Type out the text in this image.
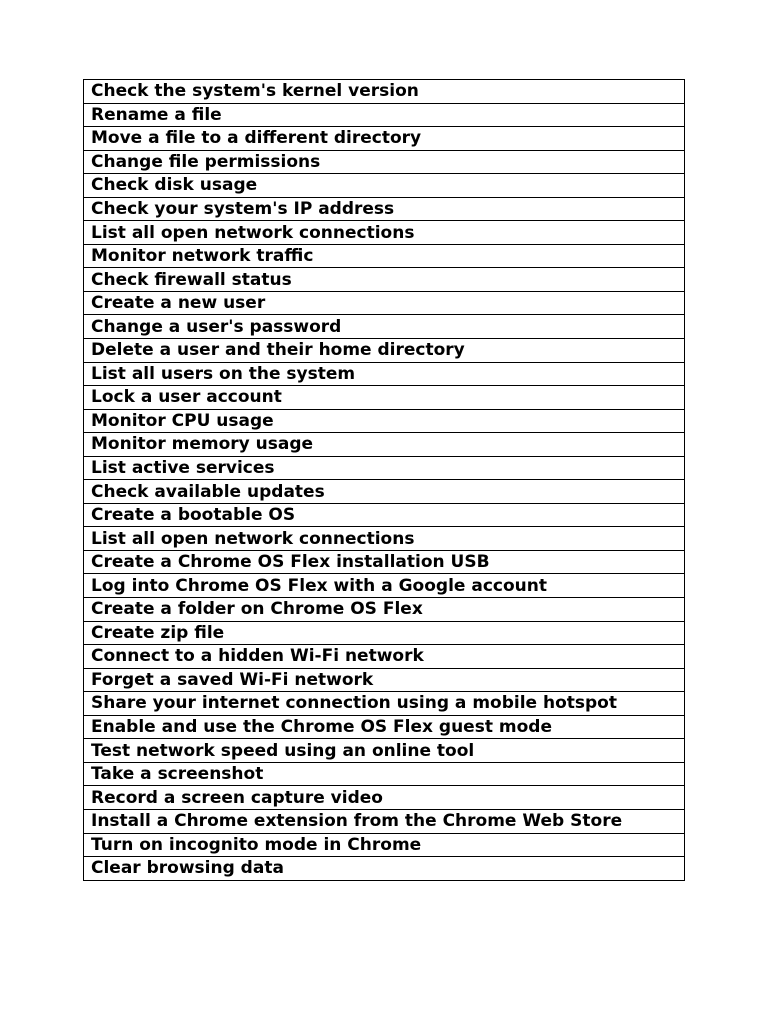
Check the system's kernel version
Rename a file
Move a file to a different directory
Change file permissions
Check disk usage
Check your system's IP address
List all open network connections
Monitor network traffic
Check firewall status
Create a new user
Change a user's password
Delete a user and their home directory
List all users on the system
Lock a user account
Monitor CPU usage
Monitor memory usage
List active services
Check available updates
Create a bootable OS
List all open network connections
Create a Chrome OS Flex installation USB
Log into Chrome OS Flex with a Google account
Create a folder on Chrome OS Flex
Create zip file
Connect to a hidden Wi-Fi network
Forget a saved Wi-Fi network
Share your internet connection using a mobile hotspot
Enable and use the Chrome OS Flex guest mode
Test network speed using an online tool
Take a screenshot
Record a screen capture video
Install a Chrome extension from the Chrome Web Store
Turn on incognito mode in Chrome
Clear browsing data
